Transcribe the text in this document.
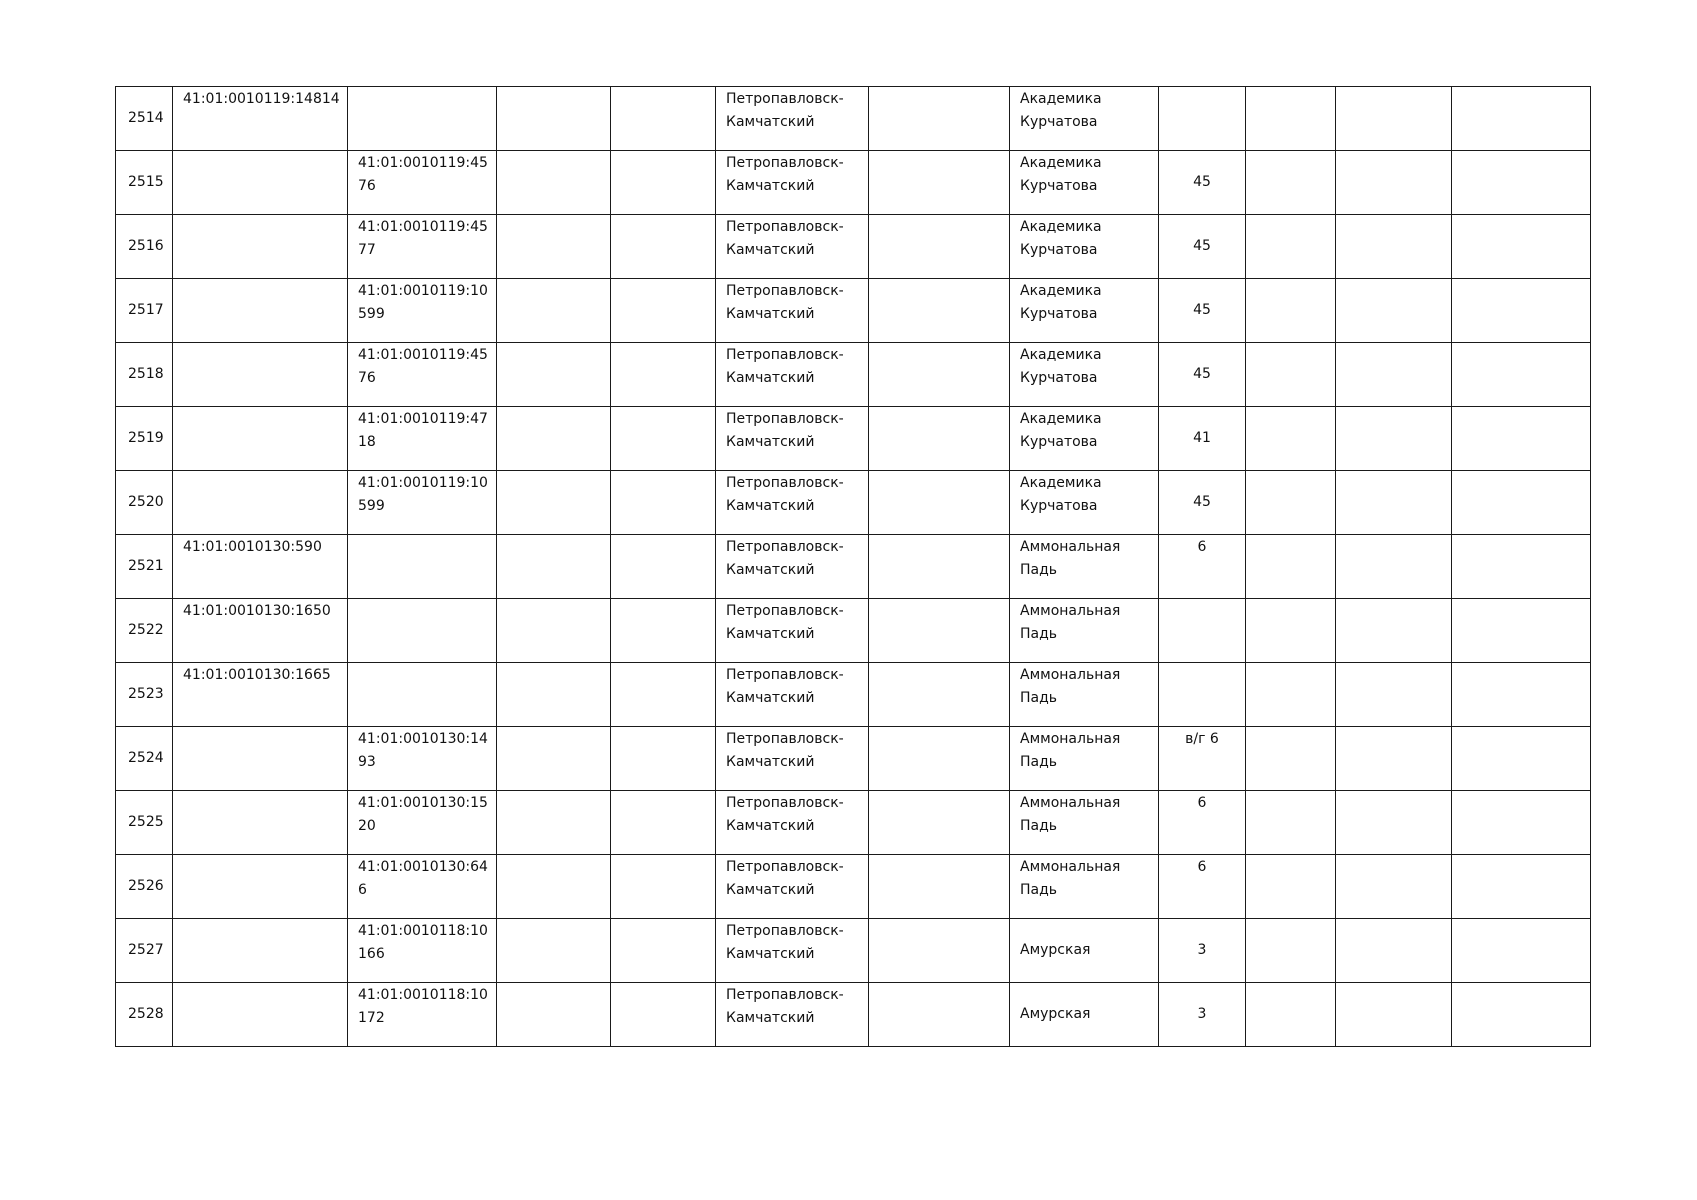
2514	41:01:0010119:14814				Петропавловск-
Камчатский		Академика
Курчатова				

2515		41:01:0010119:45
76			Петропавловск-
Камчатский		Академика
Курчатова	45			

2516		41:01:0010119:45
77			Петропавловск-
Камчатский		Академика
Курчатова	45			

2517		41:01:0010119:10
599			Петропавловск-
Камчатский		Академика
Курчатова	45			

2518		41:01:0010119:45
76			Петропавловск-
Камчатский		Академика
Курчатова	45			

2519		41:01:0010119:47
18			Петропавловск-
Камчатский		Академика
Курчатова	41			

2520		41:01:0010119:10
599			Петропавловск-
Камчатский		Академика
Курчатова	45			

2521	41:01:0010130:590				Петропавловск-
Камчатский		Аммональная
Падь	6			

2522	41:01:0010130:1650				Петропавловск-
Камчатский		Аммональная
Падь				

2523	41:01:0010130:1665				Петропавловск-
Камчатский		Аммональная
Падь				

2524		41:01:0010130:14
93			Петропавловск-
Камчатский		Аммональная
Падь	в/г 6			

2525		41:01:0010130:15
20			Петропавловск-
Камчатский		Аммональная
Падь	6			

2526		41:01:0010130:64
6			Петропавловск-
Камчатский		Аммональная
Падь	6			

2527		41:01:0010118:10
166			Петропавловск-
Камчатский		Амурская	3			

2528		41:01:0010118:10
172			Петропавловск-
Камчатский		Амурская	3			
